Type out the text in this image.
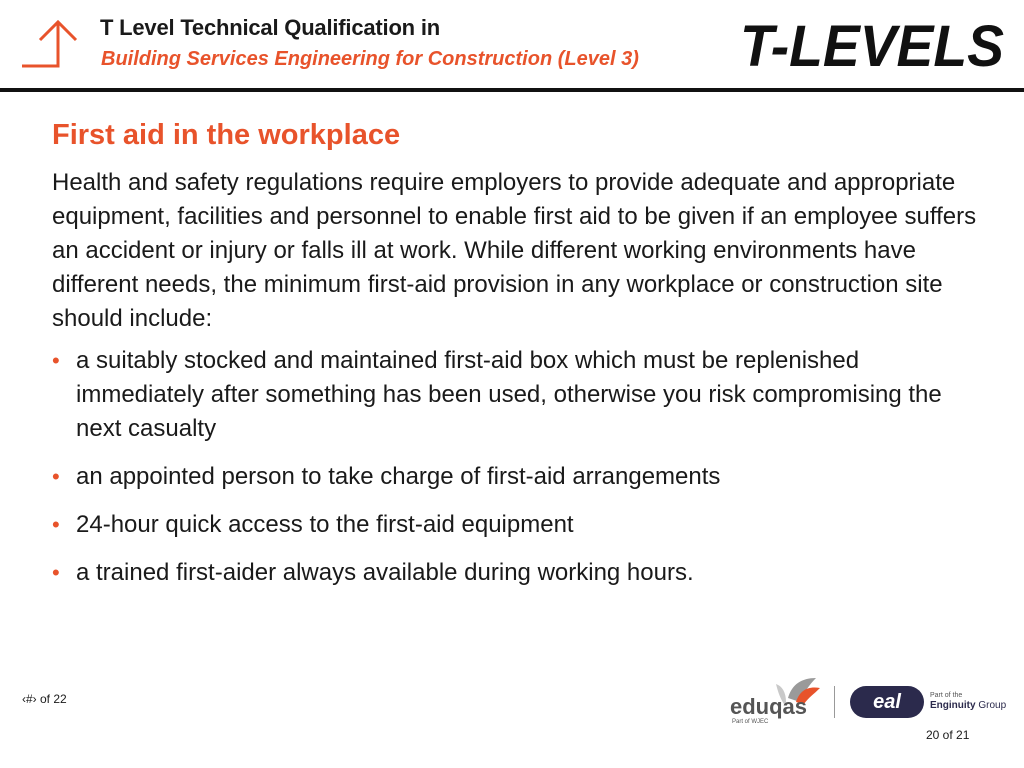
T Level Technical Qualification in
Building Services Engineering for Construction (Level 3) T-LEVELS
First aid in the workplace

Health and safety regulations require employers to provide adequate and appropriate equipment, facilities and personnel to enable first aid to be given if an employee suffers an accident or injury or falls ill at work. While different working environments have different needs, the minimum first-aid provision in any workplace or construction site should include:

• a suitably stocked and maintained first-aid box which must be replenished immediately after something has been used, otherwise you risk compromising the next casualty
• an appointed person to take charge of first-aid arrangements
• 24-hour quick access to the first-aid equipment
• a trained first-aider always available during working hours.
‹#› of 22	eduqas
Part of WJEC
eal	Part of the
Enginuity Group
20 of 21
